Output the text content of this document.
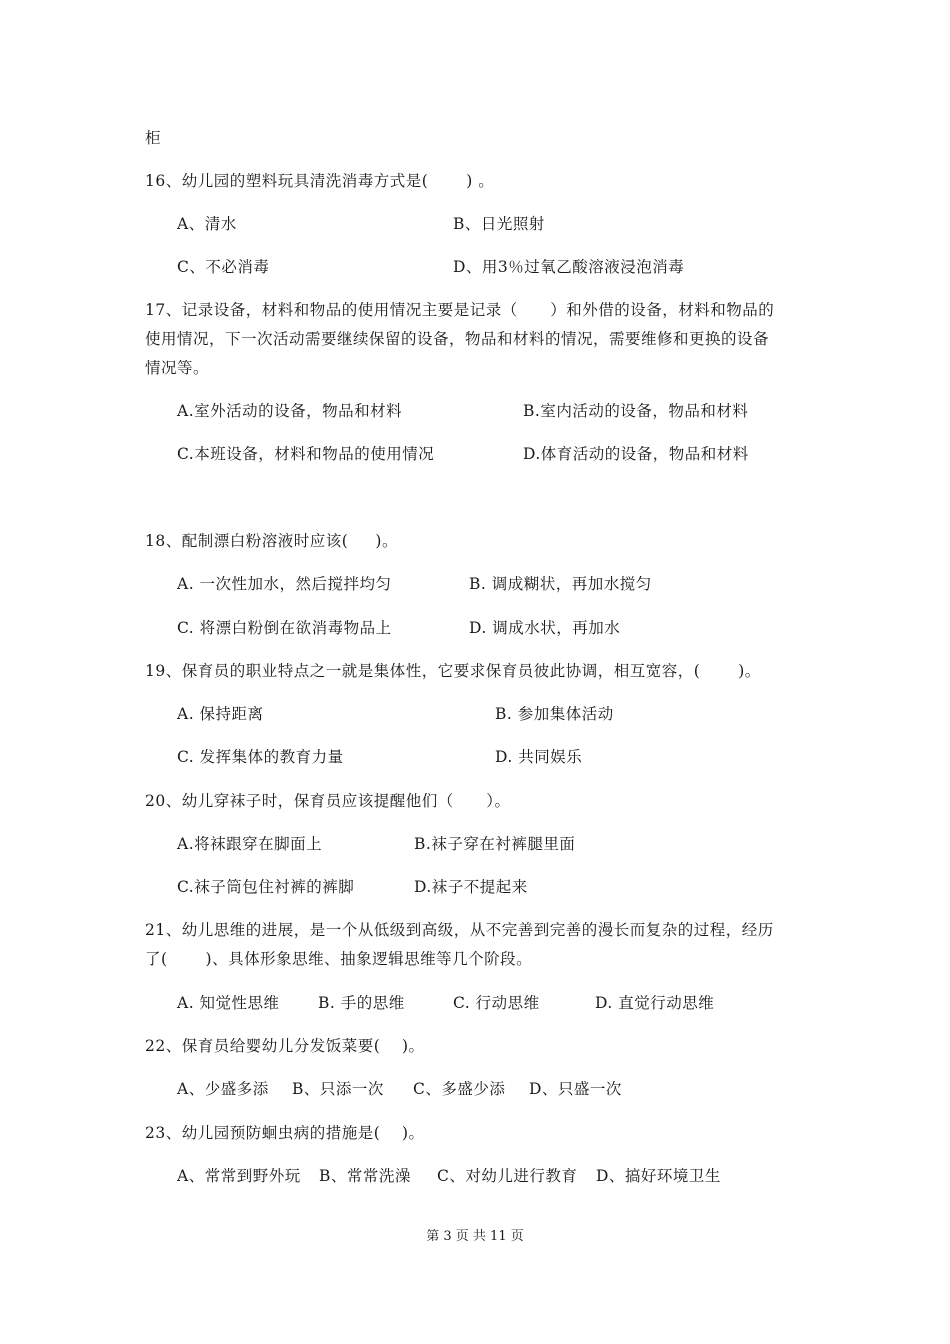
柜
16、幼儿园的塑料玩具清洗消毒方式是(       ) 。
A、清水	B、日光照射
C、不必消毒	D、用3％过氧乙酸溶液浸泡消毒
17、记录设备，材料和物品的使用情况主要是记录（      ）和外借的设备，材料和物品的
使用情况，下一次活动需要继续保留的设备，物品和材料的情况，需要维修和更换的设备
情况等。
A.室外活动的设备，物品和材料	B.室内活动的设备，物品和材料
C.本班设备，材料和物品的使用情况	D.体育活动的设备，物品和材料
18、配制漂白粉溶液时应该(     )。
A. 一次性加水，然后搅拌均匀	B. 调成糊状，再加水搅匀
C. 将漂白粉倒在欲消毒物品上	D. 调成水状，再加水
19、保育员的职业特点之一就是集体性，它要求保育员彼此协调，相互宽容，(       )。
A. 保持距离	B. 参加集体活动
C. 发挥集体的教育力量	D. 共同娱乐
20、幼儿穿袜子时，保育员应该提醒他们（      ）。
A.将袜跟穿在脚面上	B.袜子穿在衬裤腿里面
C.袜子筒包住衬裤的裤脚	D.袜子不提起来
21、幼儿思维的进展，是一个从低级到高级，从不完善到完善的漫长而复杂的过程，经历
了(       )、具体形象思维、抽象逻辑思维等几个阶段。
A. 知觉性思维 B. 手的思维	C. 行动思维	D. 直觉行动思维
22、保育员给婴幼儿分发饭菜要(    )。
A、少盛多添 B、只添一次 C、多盛少添 D、只盛一次
23、幼儿园预防蛔虫病的措施是(    )。
A、常常到野外玩 B、常常洗澡 C、对幼儿进行教育 D、搞好环境卫生
第 3 页 共 11 页
